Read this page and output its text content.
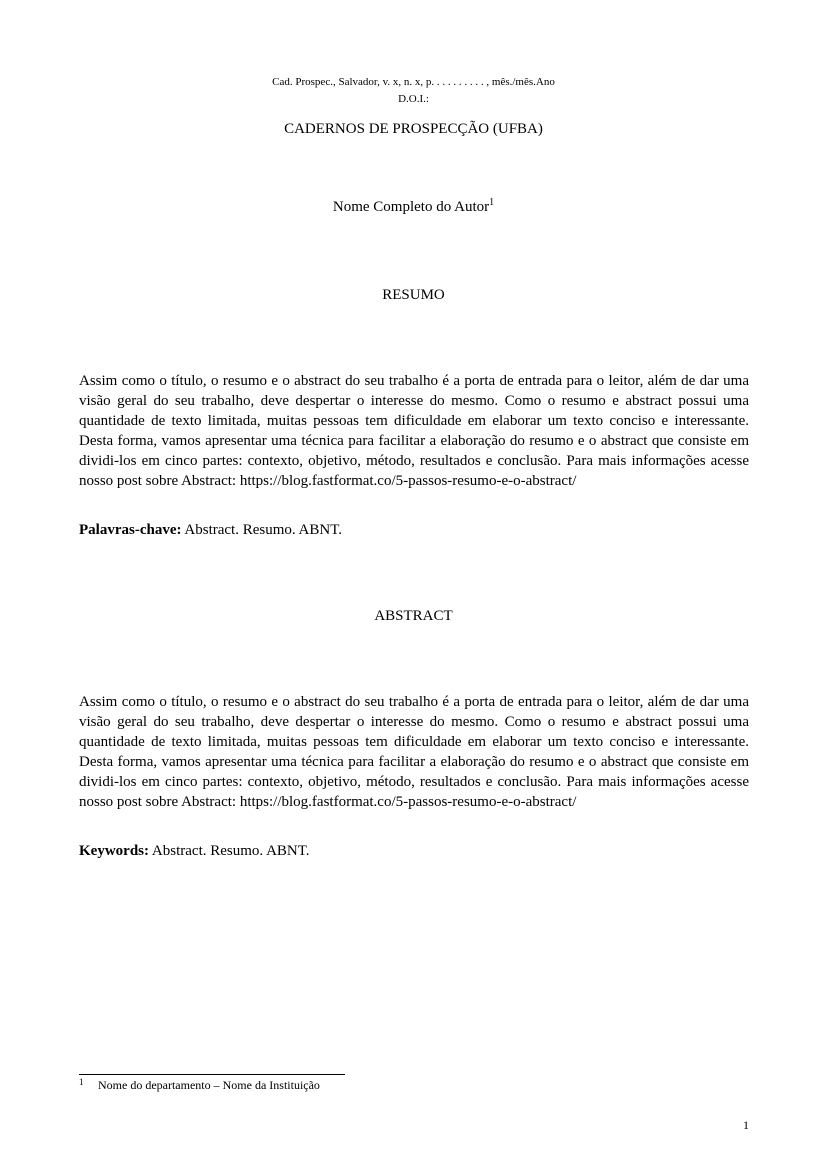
Cad. Prospec., Salvador, v. x, n. x, p. . . . . . . . . . , mês./mês.Ano
D.O.I.:
CADERNOS DE PROSPECÇÃO (UFBA)
Nome Completo do Autor$^1$
RESUMO
Assim como o título, o resumo e o abstract do seu trabalho é a porta de entrada para o leitor, além de dar uma visão geral do seu trabalho, deve despertar o interesse do mesmo. Como o resumo e abstract possui uma quantidade de texto limitada, muitas pessoas tem dificuldade em elaborar um texto conciso e interessante. Desta forma, vamos apresentar uma técnica para facilitar a elaboração do resumo e o abstract que consiste em dividi-los em cinco partes: contexto, objetivo, método, resultados e conclusão. Para mais informações acesse nosso post sobre Abstract: https://blog.fastformat.co/5-passos-resumo-e-o-abstract/
Palavras-chave: Abstract. Resumo. ABNT.
ABSTRACT
Assim como o título, o resumo e o abstract do seu trabalho é a porta de entrada para o leitor, além de dar uma visão geral do seu trabalho, deve despertar o interesse do mesmo. Como o resumo e abstract possui uma quantidade de texto limitada, muitas pessoas tem dificuldade em elaborar um texto conciso e interessante. Desta forma, vamos apresentar uma técnica para facilitar a elaboração do resumo e o abstract que consiste em dividi-los em cinco partes: contexto, objetivo, método, resultados e conclusão. Para mais informações acesse nosso post sobre Abstract: https://blog.fastformat.co/5-passos-resumo-e-o-abstract/
Keywords: Abstract. Resumo. ABNT.
1 Nome do departamento – Nome da Instituição
1
